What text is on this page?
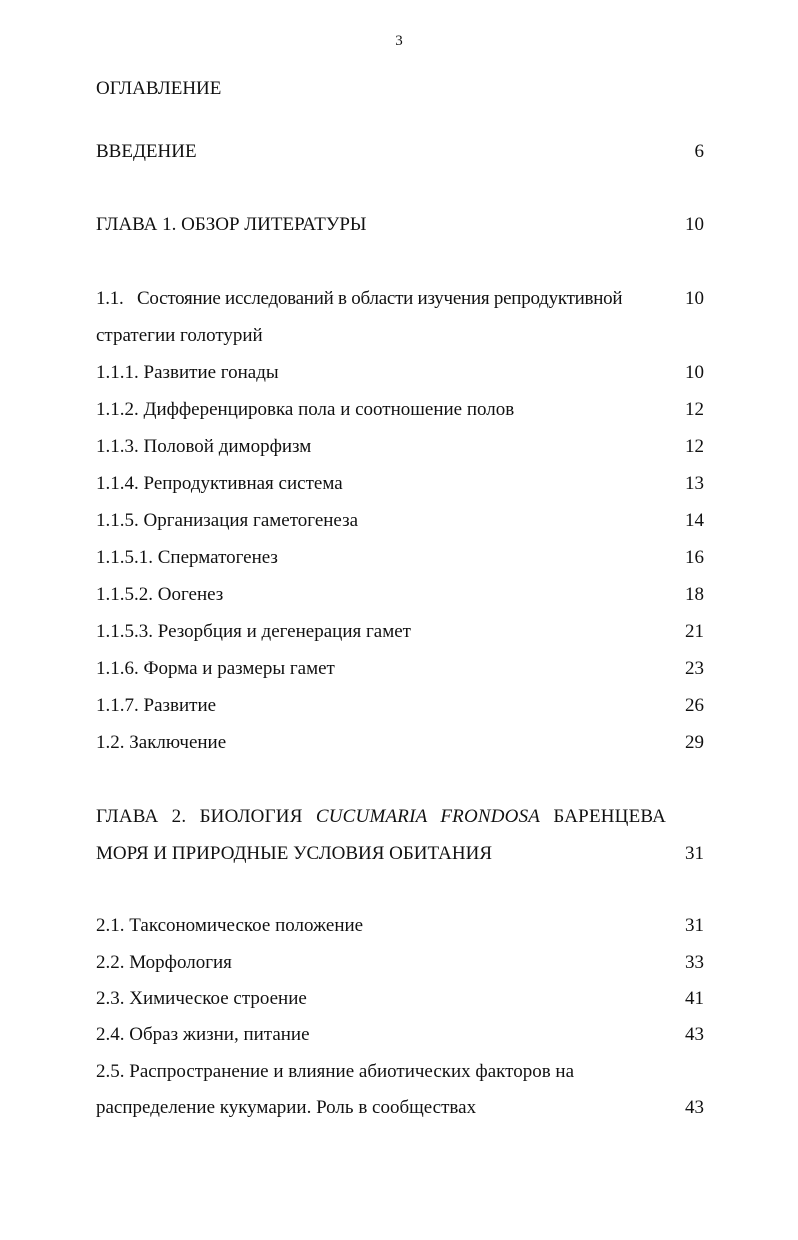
3
ОГЛАВЛЕНИЕ
ВВЕДЕНИЕ	6
ГЛАВА 1. ОБЗОР ЛИТЕРАТУРЫ	10
1.1.   Состояние исследований в области изучения репродуктивной	10
стратегии голотурий
1.1.1. Развитие гонады	10
1.1.2. Дифференцировка пола и соотношение полов	12
1.1.3. Половой диморфизм	12
1.1.4. Репродуктивная система	13
1.1.5. Организация гаметогенеза	14
1.1.5.1. Сперматогенез	16
1.1.5.2. Оогенез	18
1.1.5.3. Резорбция и дегенерация гамет	21
1.1.6. Форма и размеры гамет	23
1.1.7. Развитие	26
1.2. Заключение	29
ГЛАВА 2. БИОЛОГИЯ CUCUMARIA FRONDOSA БАРЕНЦЕВА
МОРЯ И ПРИРОДНЫЕ УСЛОВИЯ ОБИТАНИЯ	31
2.1. Таксономическое положение	31
2.2. Морфология	33
2.3. Химическое строение	41
2.4. Образ жизни, питание	43
2.5. Распространение и влияние абиотических факторов на
распределение кукумарии. Роль в сообществах	43
